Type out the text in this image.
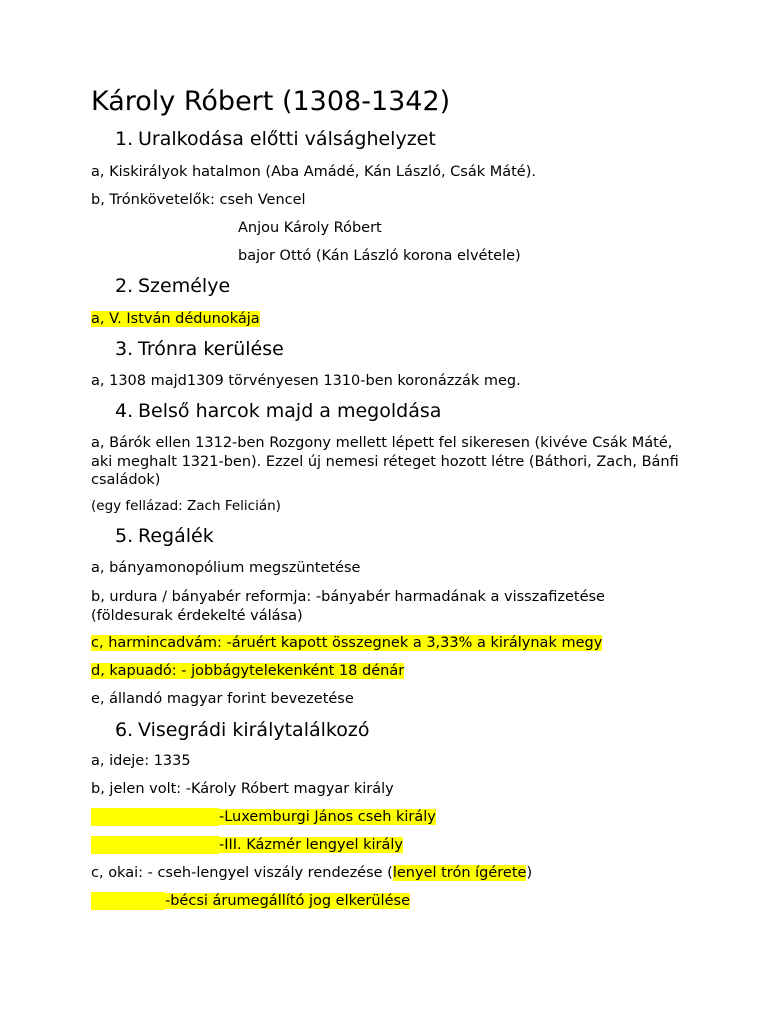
Károly Róbert (1308-1342)
1. Uralkodása előtti válsághelyzet
a, Kiskirályok hatalmon (Aba Amádé, Kán László, Csák Máté).
b, Trónkövetelők: cseh Vencel
Anjou Károly Róbert
bajor Ottó (Kán László korona elvétele)
2. Személye
a, V. István dédunokája
3. Trónra kerülése
a, 1308 majd1309 törvényesen 1310-ben koronázzák meg.
4. Belső harcok majd a megoldása
a, Bárók ellen 1312-ben Rozgony mellett lépett fel sikeresen (kivéve Csák Máté, aki meghalt 1321-ben). Ezzel új nemesi réteget hozott létre (Báthori, Zach, Bánfi családok)
(egy fellázad: Zach Felicián)
5. Regálék
a, bányamonopólium megszüntetése
b, urdura / bányabér reformja: -bányabér harmadának a visszafizetése (földesurak érdekelté válása)
c, harmincadvám: -áruért kapott összegnek a 3,33% a királynak megy
d, kapuadó: - jobbágytelekenként 18 dénár
e, állandó magyar forint bevezetése
6. Visegrádi királytalálkozó
a, ideje: 1335
b, jelen volt: -Károly Róbert magyar király
-Luxemburgi János cseh király
-III. Kázmér lengyel király
c, okai: - cseh-lengyel viszály rendezése (lenyel trón ígérete)
-bécsi árumegállító jog elkerülése
